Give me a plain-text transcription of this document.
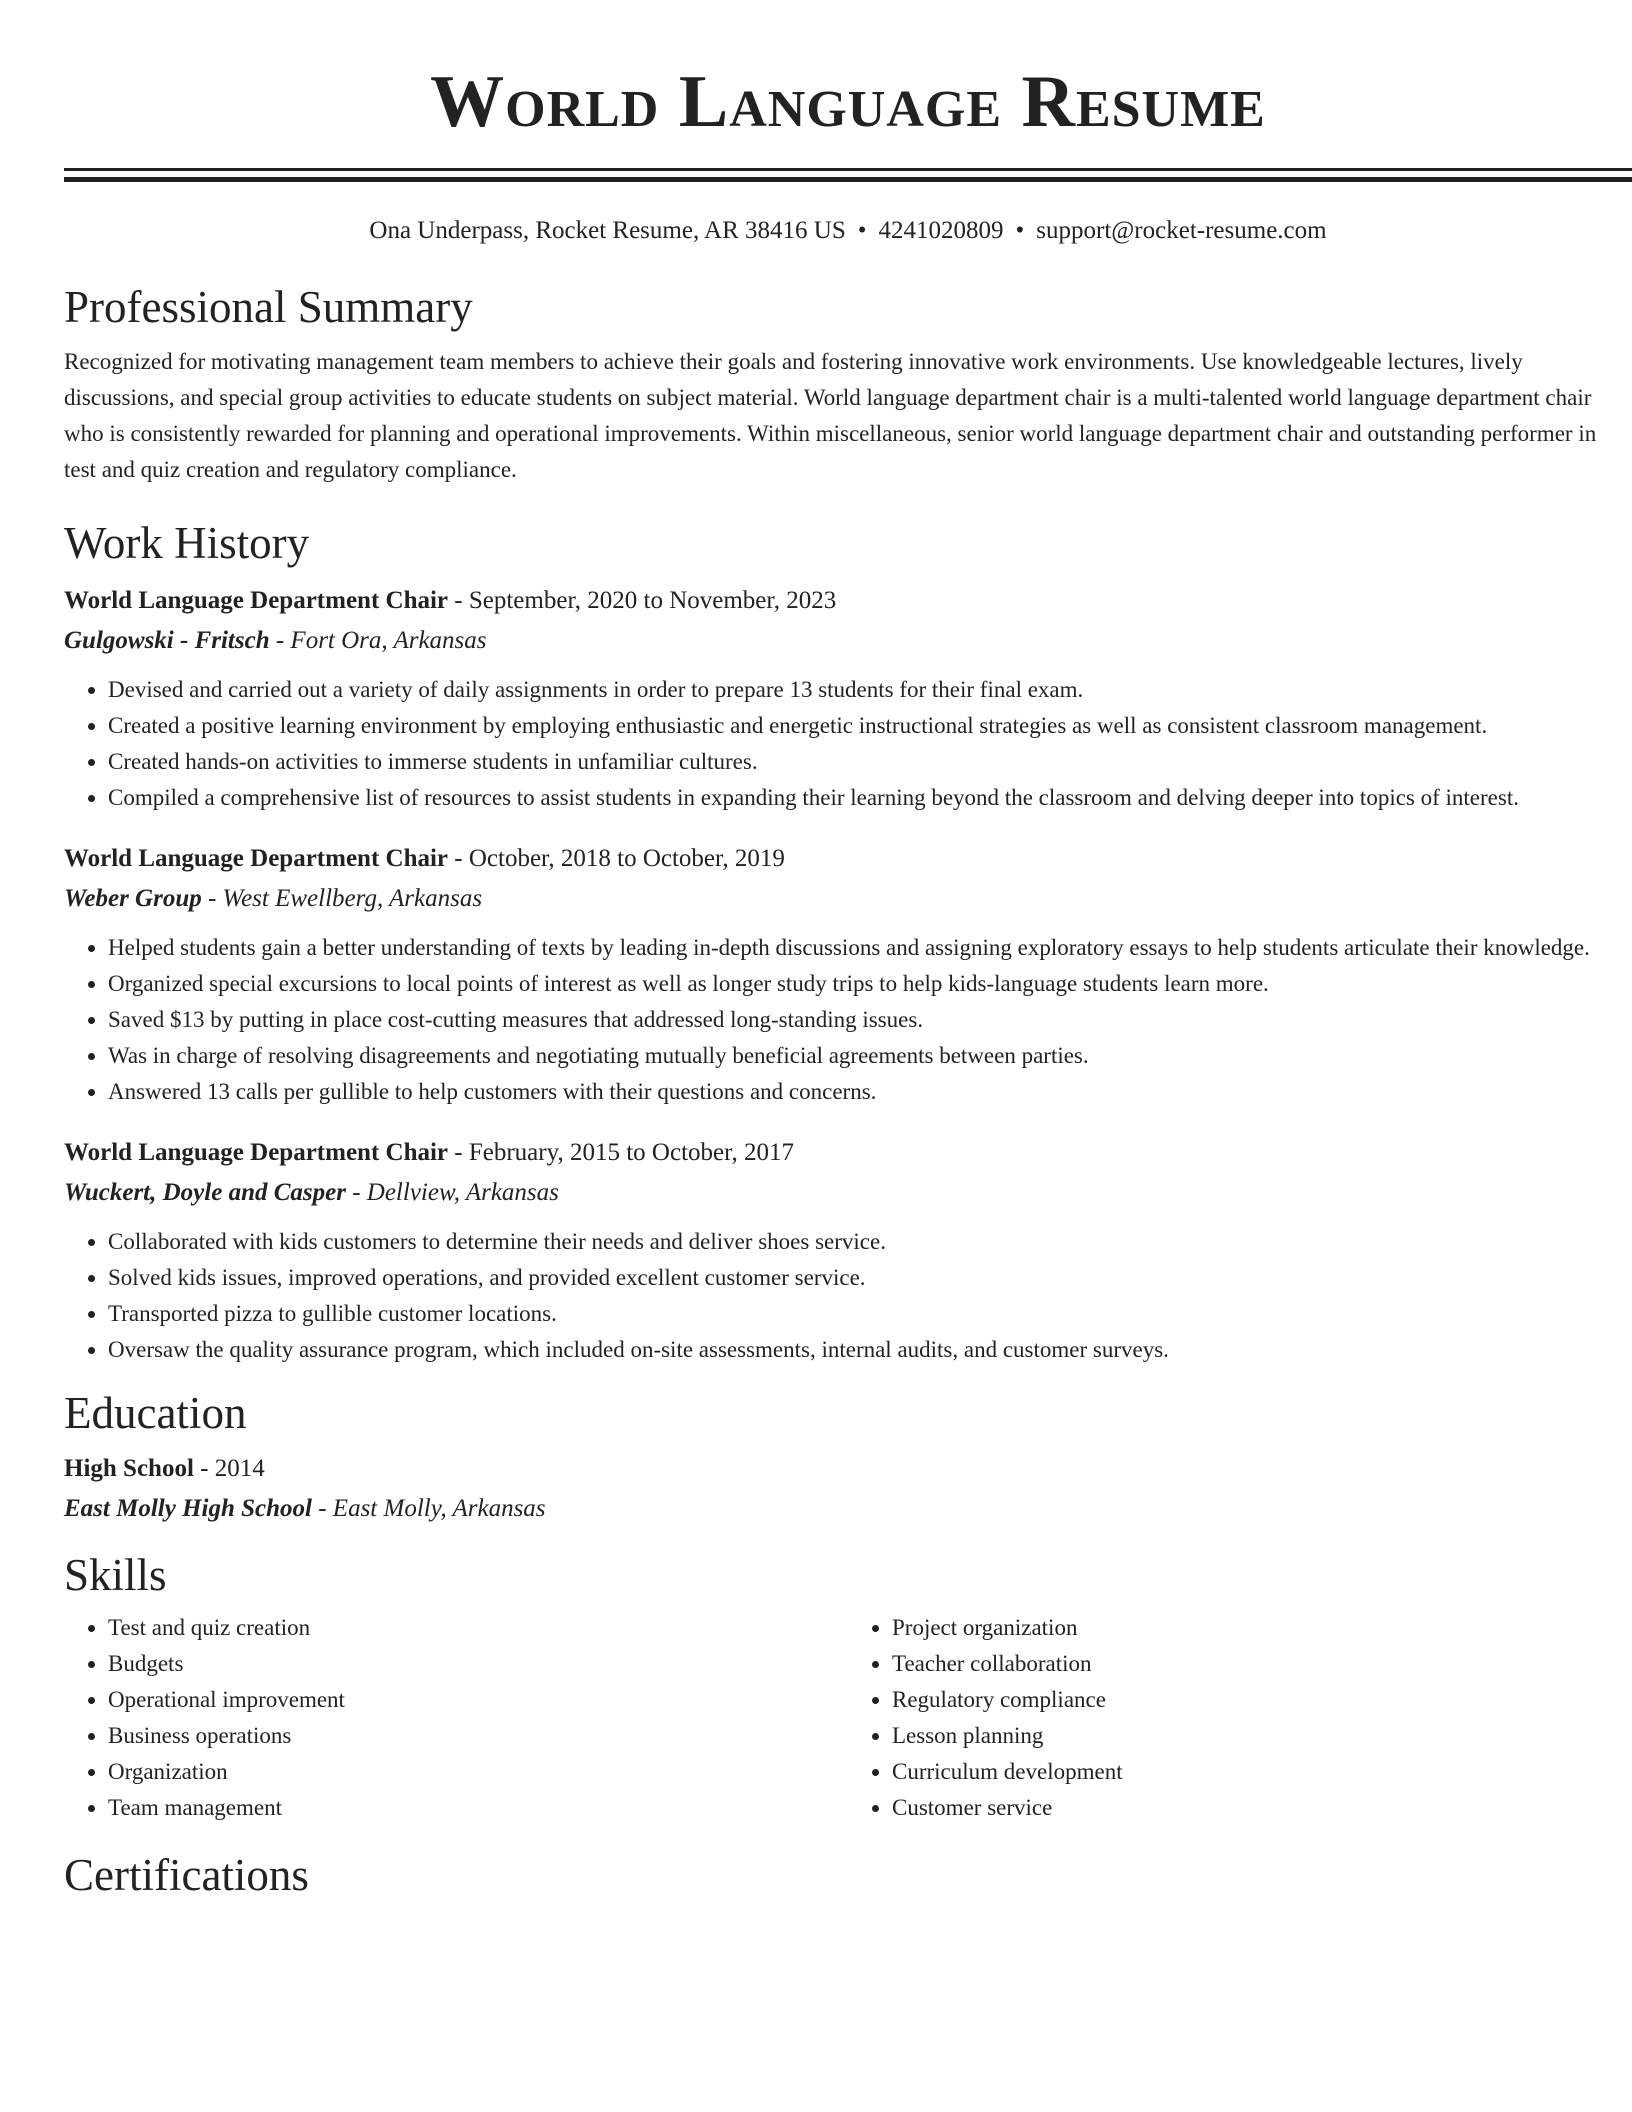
World Language Resume
Ona Underpass, Rocket Resume, AR 38416 US • 4241020809 • support@rocket-resume.com
Professional Summary

Recognized for motivating management team members to achieve their goals and fostering innovative work environments. Use knowledgeable lectures, lively discussions, and special group activities to educate students on subject material. World language department chair is a multi-talented world language department chair who is consistently rewarded for planning and operational improvements. Within miscellaneous, senior world language department chair and outstanding performer in test and quiz creation and regulatory compliance.

Work History

World Language Department Chair - September, 2020 to November, 2023

Gulgowski - Fritsch - Fort Ora, Arkansas

• Devised and carried out a variety of daily assignments in order to prepare 13 students for their final exam.
• Created a positive learning environment by employing enthusiastic and energetic instructional strategies as well as consistent classroom management.
• Created hands-on activities to immerse students in unfamiliar cultures.
• Compiled a comprehensive list of resources to assist students in expanding their learning beyond the classroom and delving deeper into topics of interest.

World Language Department Chair - October, 2018 to October, 2019

Weber Group - West Ewellberg, Arkansas

• Helped students gain a better understanding of texts by leading in-depth discussions and assigning exploratory essays to help students articulate their knowledge.
• Organized special excursions to local points of interest as well as longer study trips to help kids-language students learn more.
• Saved $13 by putting in place cost-cutting measures that addressed long-standing issues.
• Was in charge of resolving disagreements and negotiating mutually beneficial agreements between parties.
• Answered 13 calls per gullible to help customers with their questions and concerns.

World Language Department Chair - February, 2015 to October, 2017

Wuckert, Doyle and Casper - Dellview, Arkansas

• Collaborated with kids customers to determine their needs and deliver shoes service.
• Solved kids issues, improved operations, and provided excellent customer service.
• Transported pizza to gullible customer locations.
• Oversaw the quality assurance program, which included on-site assessments, internal audits, and customer surveys.
Education

High School - 2014

East Molly High School - East Molly, Arkansas

Skills
• Test and quiz creation
• Budgets
• Operational improvement
• Business operations
• Organization
• Team management
• Project organization
• Teacher collaboration
• Regulatory compliance
• Lesson planning
• Curriculum development
• Customer service
Certifications
